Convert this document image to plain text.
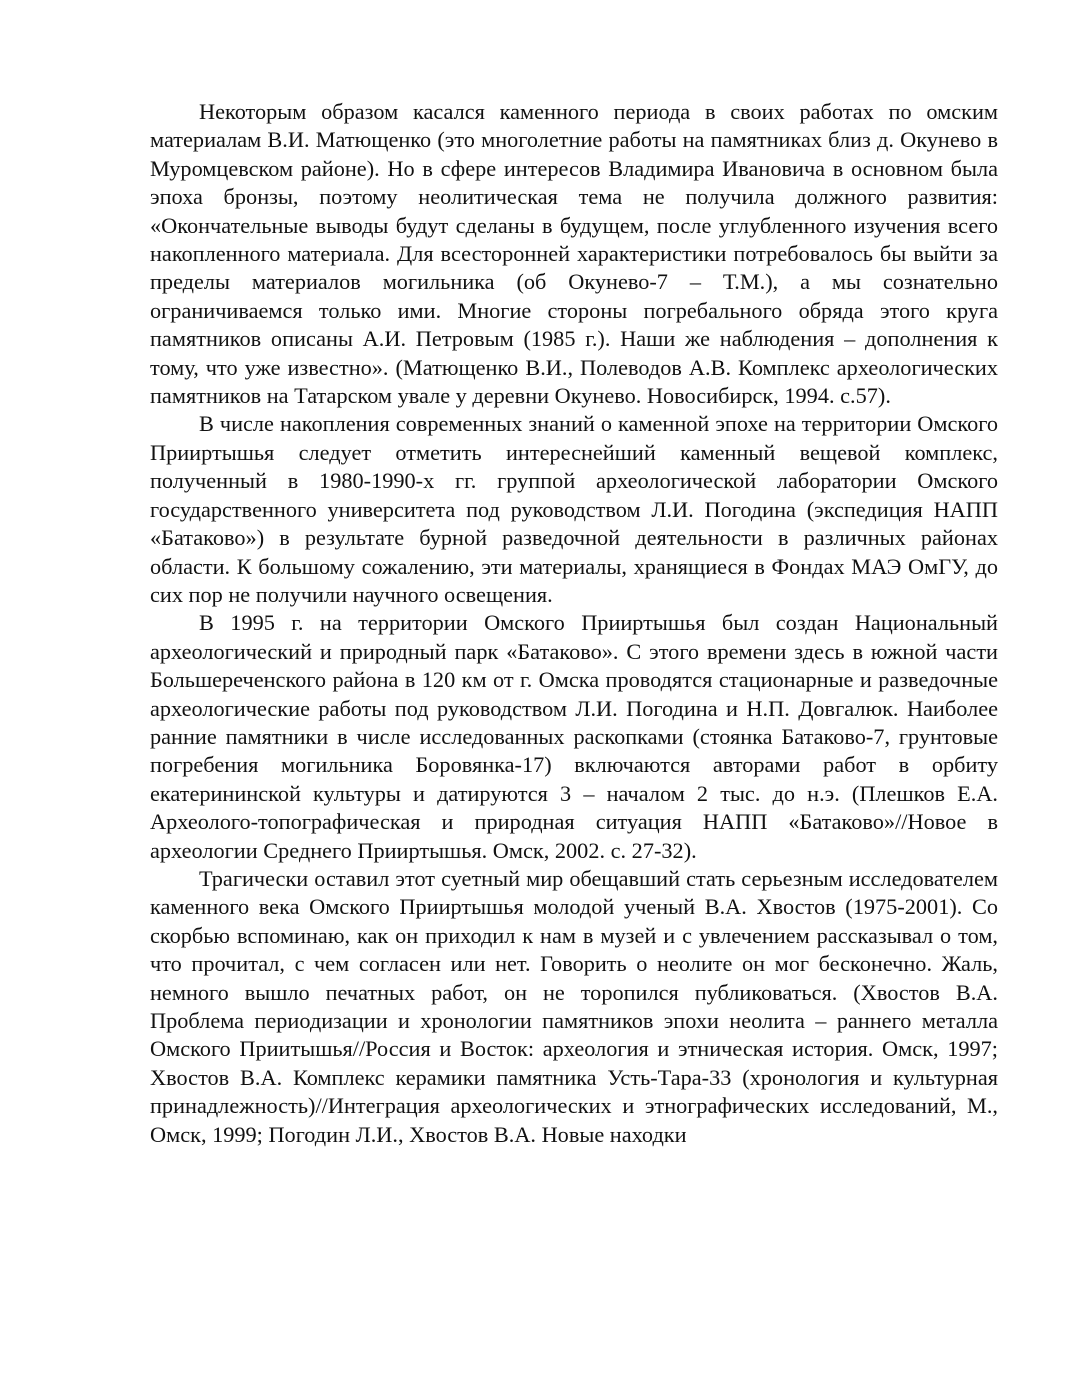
Некоторым образом касался каменного периода в своих работах по омским материалам В.И. Матющенко (это многолетние работы на памятниках близ д. Окунево в Муромцевском районе). Но в сфере интересов Владимира Ивановича в основном была эпоха бронзы, поэтому неолитическая тема не получила должного развития: «Окончательные выводы будут сделаны в будущем, после углубленного изучения всего накопленного материала. Для всесторонней характеристики потребовалось бы выйти за пределы материалов могильника (об Окунево-7 – Т.М.), а мы сознательно ограничиваемся только ими. Многие стороны погребального обряда этого круга памятников описаны А.И. Петровым (1985 г.). Наши же наблюдения – дополнения к тому, что уже известно». (Матющенко В.И., Полеводов А.В. Комплекс археологических памятников на Татарском увале у деревни Окунево. Новосибирск, 1994. с.57).

В числе накопления современных знаний о каменной эпохе на территории Омского Прииртышья следует отметить интереснейший каменный вещевой комплекс, полученный в 1980-1990-х гг. группой археологической лаборатории Омского государственного университета под руководством Л.И. Погодина (экспедиция НАПП «Батаково») в результате бурной разведочной деятельности в различных районах области. К большому сожалению, эти материалы, хранящиеся в Фондах МАЭ ОмГУ, до сих пор не получили научного освещения.

В 1995 г. на территории Омского Прииртышья был создан Национальный археологический и природный парк «Батаково». С этого времени здесь в южной части Большереченского района в 120 км от г. Омска проводятся стационарные и разведочные археологические работы под руководством Л.И. Погодина и Н.П. Довгалюк. Наиболее ранние памятники в числе исследованных раскопками (стоянка Батаково-7, грунтовые погребения могильника Боровянка-17) включаются авторами работ в орбиту екатерининской культуры и датируются 3 – началом 2 тыс. до н.э. (Плешков Е.А. Археолого-топографическая и природная ситуация НАПП «Батаково»//Новое в археологии Среднего Прииртышья. Омск, 2002. с. 27-32).

Трагически оставил этот суетный мир обещавший стать серьезным исследователем каменного века Омского Прииртышья молодой ученый В.А. Хвостов (1975-2001). Со скорбью вспоминаю, как он приходил к нам в музей и с увлечением рассказывал о том, что прочитал, с чем согласен или нет. Говорить о неолите он мог бесконечно. Жаль, немного вышло печатных работ, он не торопился публиковаться. (Хвостов В.А. Проблема периодизации и хронологии памятников эпохи неолита – раннего металла Омского Приитышья//Россия и Восток: археология и этническая история. Омск, 1997; Хвостов В.А. Комплекс керамики памятника Усть-Тара-33 (хронология и культурная принадлежность)//Интеграция археологических и этнографических исследований, М., Омск, 1999; Погодин Л.И., Хвостов В.А. Новые находки
